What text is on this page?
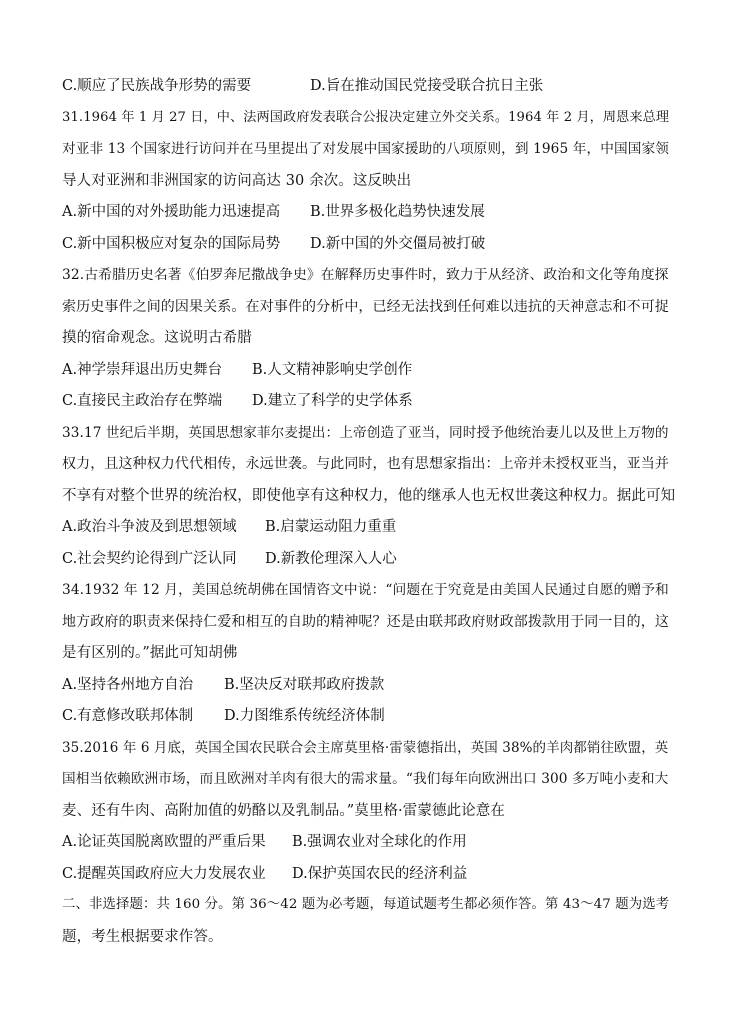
C.顺应了民族战争形势的需要	D.旨在推动国民党接受联合抗日主张

31.1964 年 1 月 27 日，中、法两国政府发表联合公报决定建立外交关系。1964 年 2 月，周恩来总理

对亚非 13 个国家进行访问并在马里提出了对发展中国家援助的八项原则，到 1965 年，中国国家领

导人对亚洲和非洲国家的访问高达 30 余次。这反映出

A.新中国的对外援助能力迅速提高	B.世界多极化趋势快速发展
C.新中国积极应对复杂的国际局势	D.新中国的外交僵局被打破

32.古希腊历史名著《伯罗奔尼撒战争史》在解释历史事件时，致力于从经济、政治和文化等角度探

索历史事件之间的因果关系。在对事件的分析中，已经无法找到任何难以违抗的天神意志和不可捉

摸的宿命观念。这说明古希腊

A.神学崇拜退出历史舞台	B.人文精神影响史学创作
C.直接民主政治存在弊端	D.建立了科学的史学体系

33.17 世纪后半期，英国思想家菲尔麦提出：上帝创造了亚当，同时授予他统治妻儿以及世上万物的

权力，且这种权力代代相传，永远世袭。与此同时，也有思想家指出：上帝并未授权亚当，亚当并

不享有对整个世界的统治权，即使他享有这种权力，他的继承人也无权世袭这种权力。据此可知

A.政治斗争波及到思想领域	B.启蒙运动阻力重重
C.社会契约论得到广泛认同	D.新教伦理深入人心

34.1932 年 12 月，美国总统胡佛在国情咨文中说：“问题在于究竟是由美国人民通过自愿的赠予和

地方政府的职责来保持仁爱和相互的自助的精神呢？还是由联邦政府财政部拨款用于同一目的，这

是有区别的。”据此可知胡佛

A.坚持各州地方自治	B.坚决反对联邦政府拨款
C.有意修改联邦体制	D.力图维系传统经济体制

35.2016 年 6 月底，英国全国农民联合会主席莫里格·雷蒙德指出，英国 38%的羊肉都销往欧盟，英

国相当依赖欧洲市场，而且欧洲对羊肉有很大的需求量。“我们每年向欧洲出口 300 多万吨小麦和大

麦、还有牛肉、高附加值的奶酪以及乳制品。”莫里格·雷蒙德此论意在

A.论证英国脱离欧盟的严重后果	B.强调农业对全球化的作用
C.提醒英国政府应大力发展农业	D.保护英国农民的经济利益

二、非选择题：共 160 分。第 36～42 题为必考题，每道试题考生都必须作答。第 43～47 题为选考

题，考生根据要求作答。
